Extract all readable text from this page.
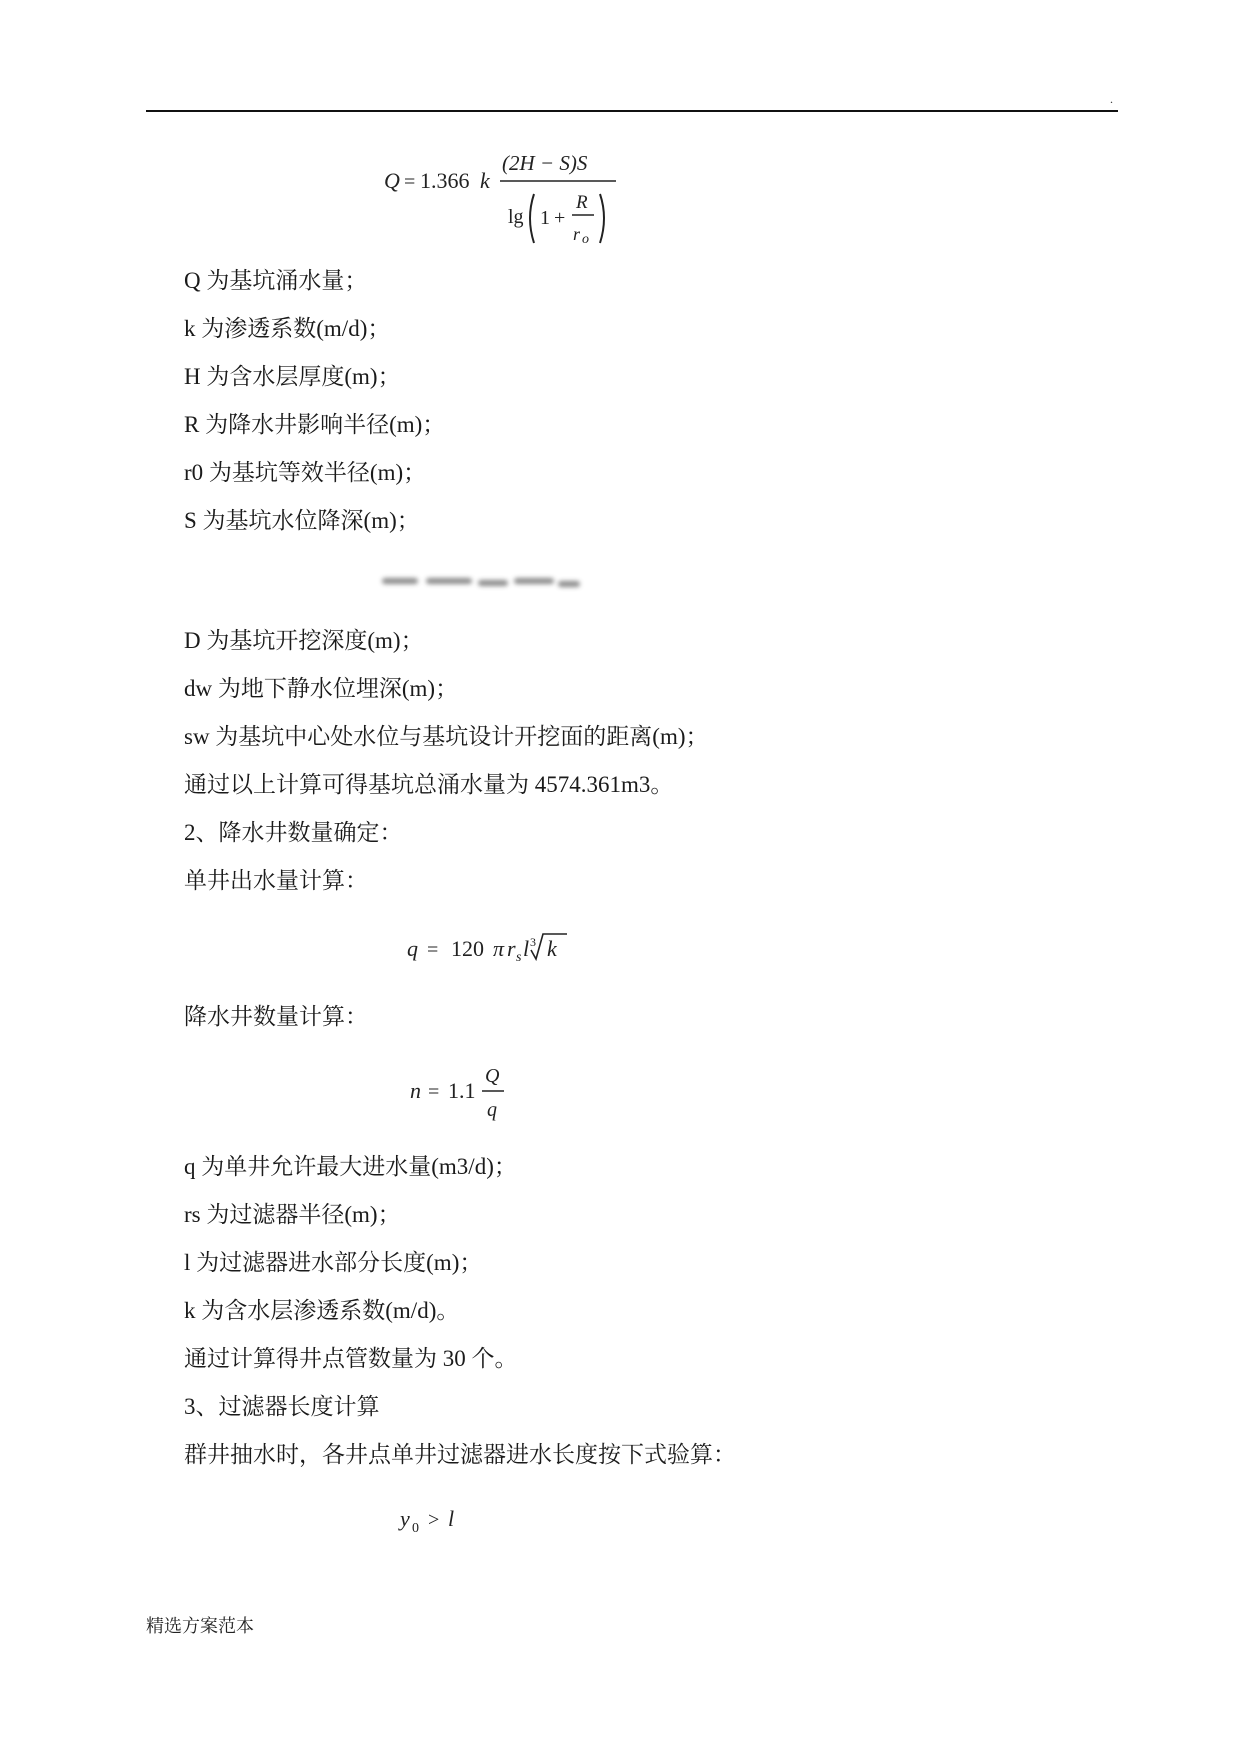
.
Q = 1.366 k
(2H − S)S
lg 1 +
R
r o
Q 为基坑涌水量；
k 为渗透系数(m/d)；
H 为含水层厚度(m)；
R 为降水井影响半径(m)；
r0 为基坑等效半径(m)；
S 为基坑水位降深(m)；
D 为基坑开挖深度(m)；
dw 为地下静水位埋深(m)；
sw 为基坑中心处水位与基坑设计开挖面的距离(m)；
通过以上计算可得基坑总涌水量为 4574.361m3。
2、降水井数量确定：
单井出水量计算：
q = 120 π r s l 3 k
降水井数量计算：
n = 1.1
Q
q
q 为单井允许最大进水量(m3/d)；
rs 为过滤器半径(m)；
l 为过滤器进水部分长度(m)；
k 为含水层渗透系数(m/d)。
通过计算得井点管数量为 30 个。
3、过滤器长度计算
群井抽水时，各井点单井过滤器进水长度按下式验算：
y 0 > l
精选方案范本
